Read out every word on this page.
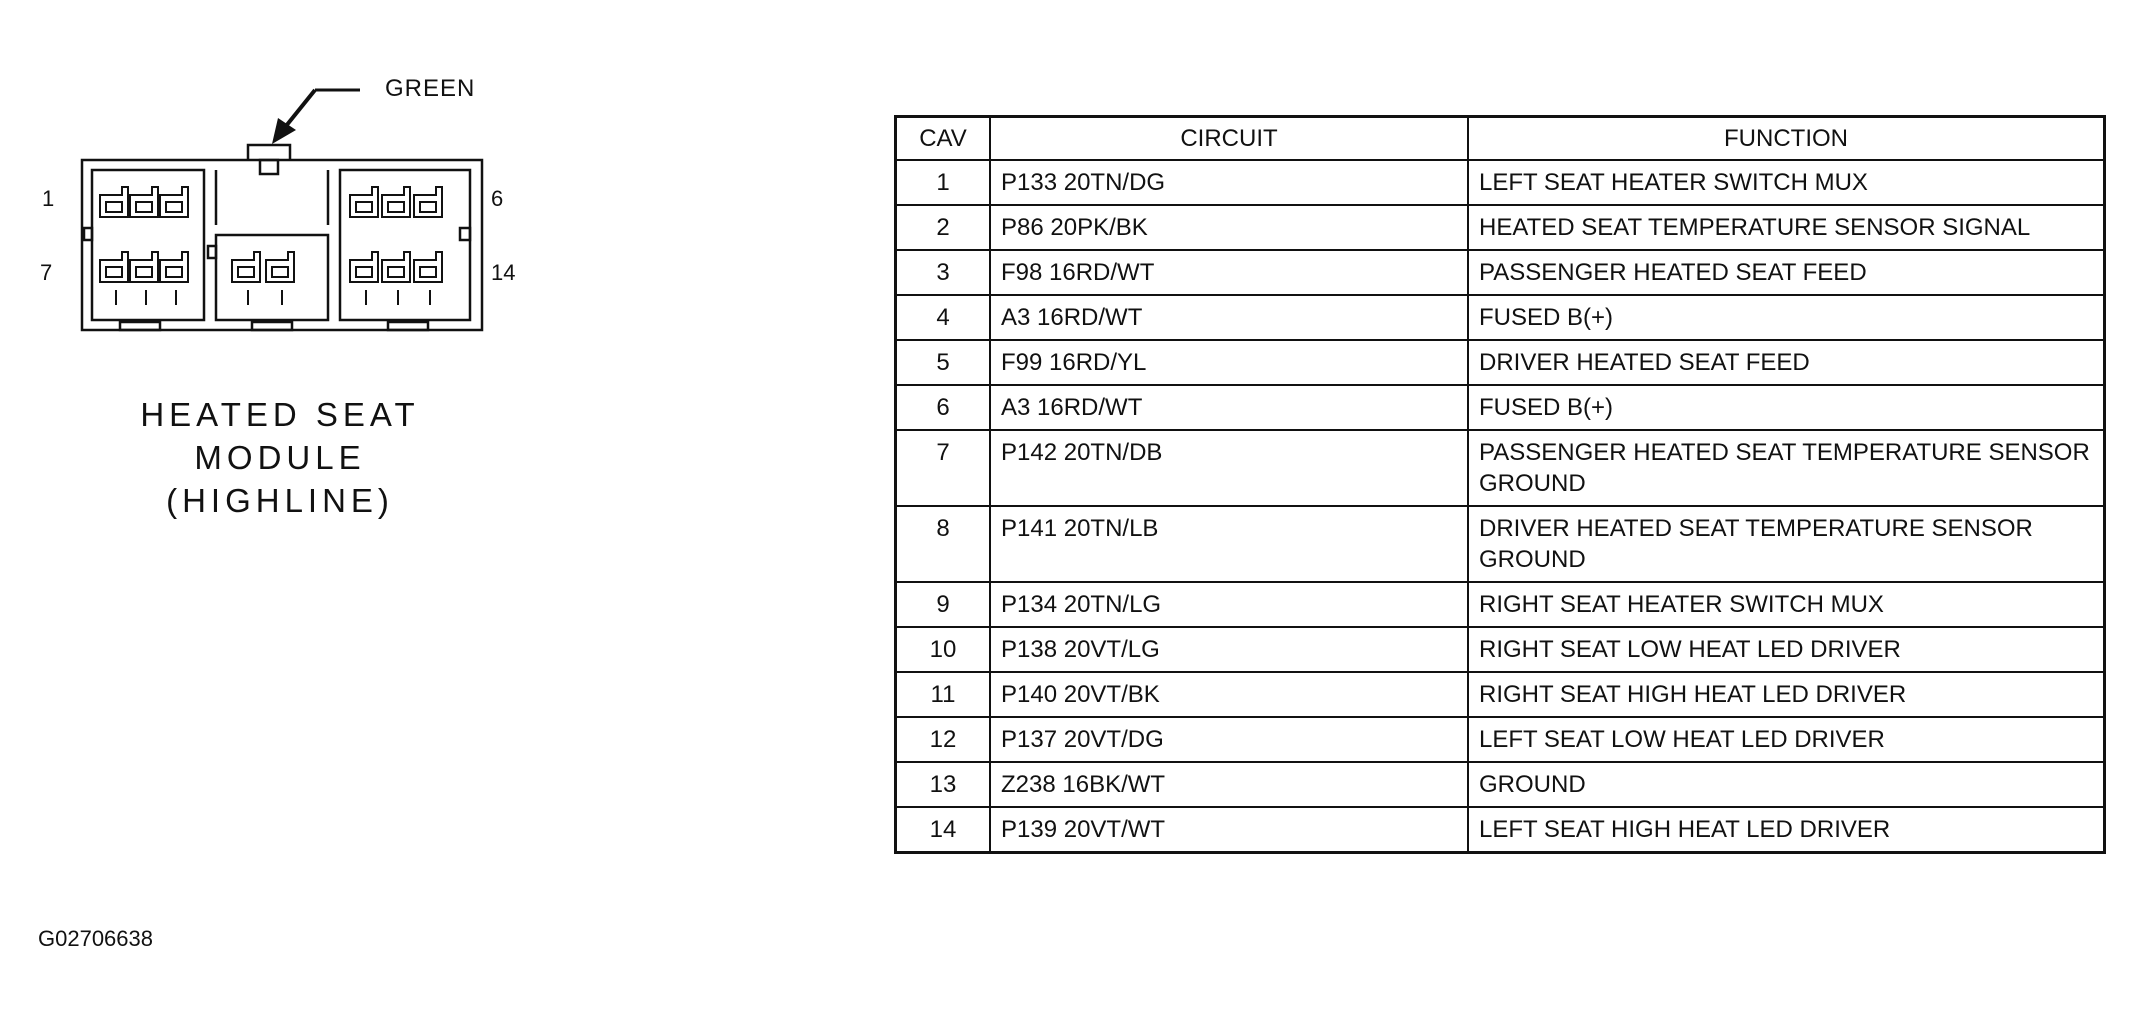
1
7
6
14
GREEN
HEATED SEAT
MODULE
(HIGHLINE)
G02706638
CAV	CIRCUIT	FUNCTION
1	P133 20TN/DG	LEFT SEAT HEATER SWITCH MUX
2	P86 20PK/BK	HEATED SEAT TEMPERATURE SENSOR SIGNAL
3	F98 16RD/WT	PASSENGER HEATED SEAT FEED
4	A3 16RD/WT	FUSED B(+)
5	F99 16RD/YL	DRIVER HEATED SEAT FEED
6	A3 16RD/WT	FUSED B(+)
7	P142 20TN/DB	PASSENGER HEATED SEAT TEMPERATURE SENSOR GROUND
8	P141 20TN/LB	DRIVER HEATED SEAT TEMPERATURE SENSOR GROUND
9	P134 20TN/LG	RIGHT SEAT HEATER SWITCH MUX
10	P138 20VT/LG	RIGHT SEAT LOW HEAT LED DRIVER
11	P140 20VT/BK	RIGHT SEAT HIGH HEAT LED DRIVER
12	P137 20VT/DG	LEFT SEAT LOW HEAT LED DRIVER
13	Z238 16BK/WT	GROUND
14	P139 20VT/WT	LEFT SEAT HIGH HEAT LED DRIVER
